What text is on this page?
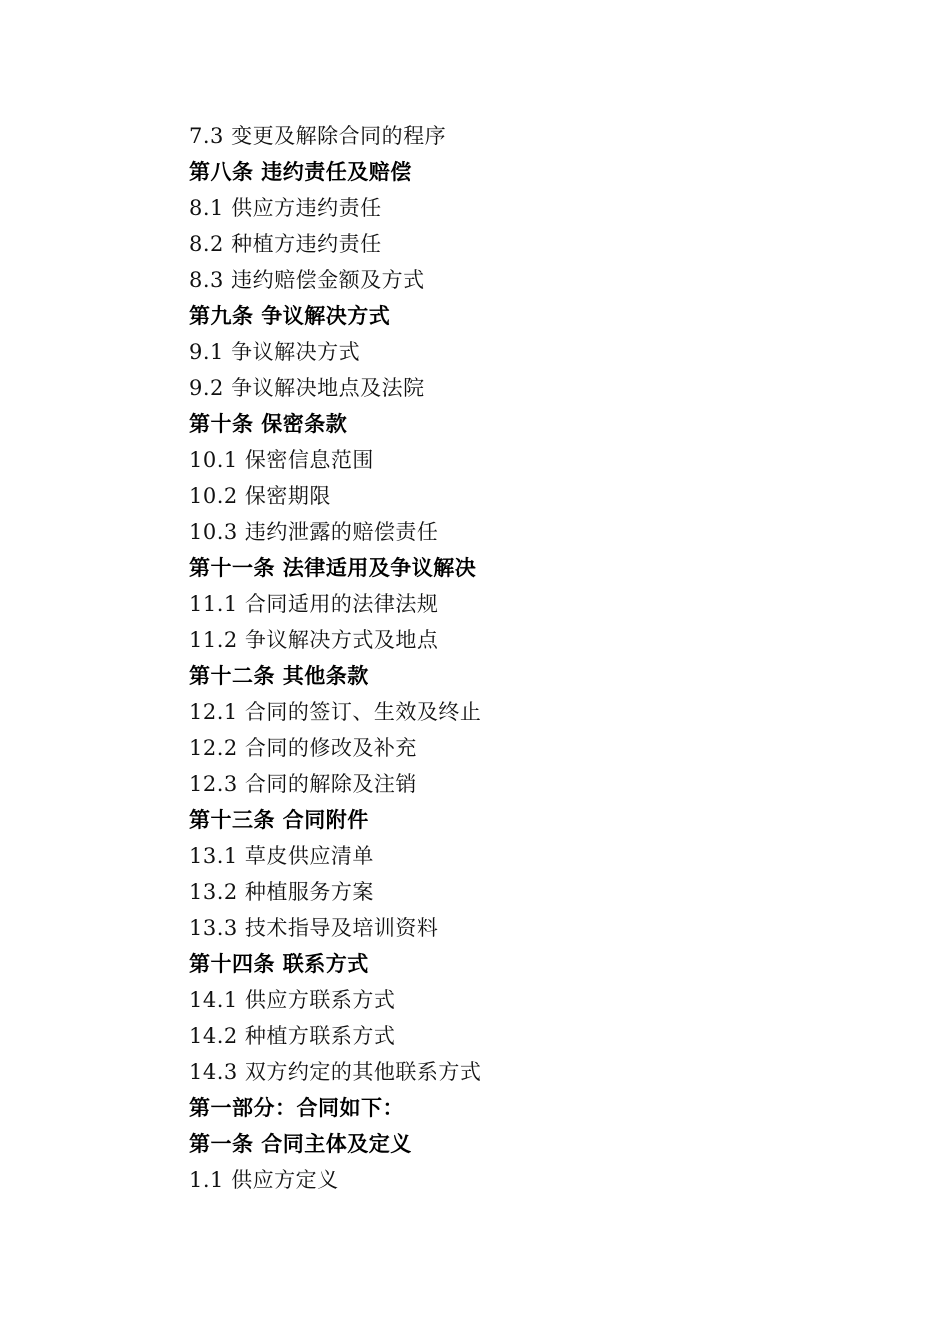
7.3 变更及解除合同的程序
第八条 违约责任及赔偿
8.1 供应方违约责任
8.2 种植方违约责任
8.3 违约赔偿金额及方式
第九条 争议解决方式
9.1 争议解决方式
9.2 争议解决地点及法院
第十条 保密条款
10.1 保密信息范围
10.2 保密期限
10.3 违约泄露的赔偿责任
第十一条 法律适用及争议解决
11.1 合同适用的法律法规
11.2 争议解决方式及地点
第十二条 其他条款
12.1 合同的签订、生效及终止
12.2 合同的修改及补充
12.3 合同的解除及注销
第十三条 合同附件
13.1 草皮供应清单
13.2 种植服务方案
13.3 技术指导及培训资料
第十四条 联系方式
14.1 供应方联系方式
14.2 种植方联系方式
14.3 双方约定的其他联系方式
第一部分：合同如下：
第一条 合同主体及定义
1.1 供应方定义
